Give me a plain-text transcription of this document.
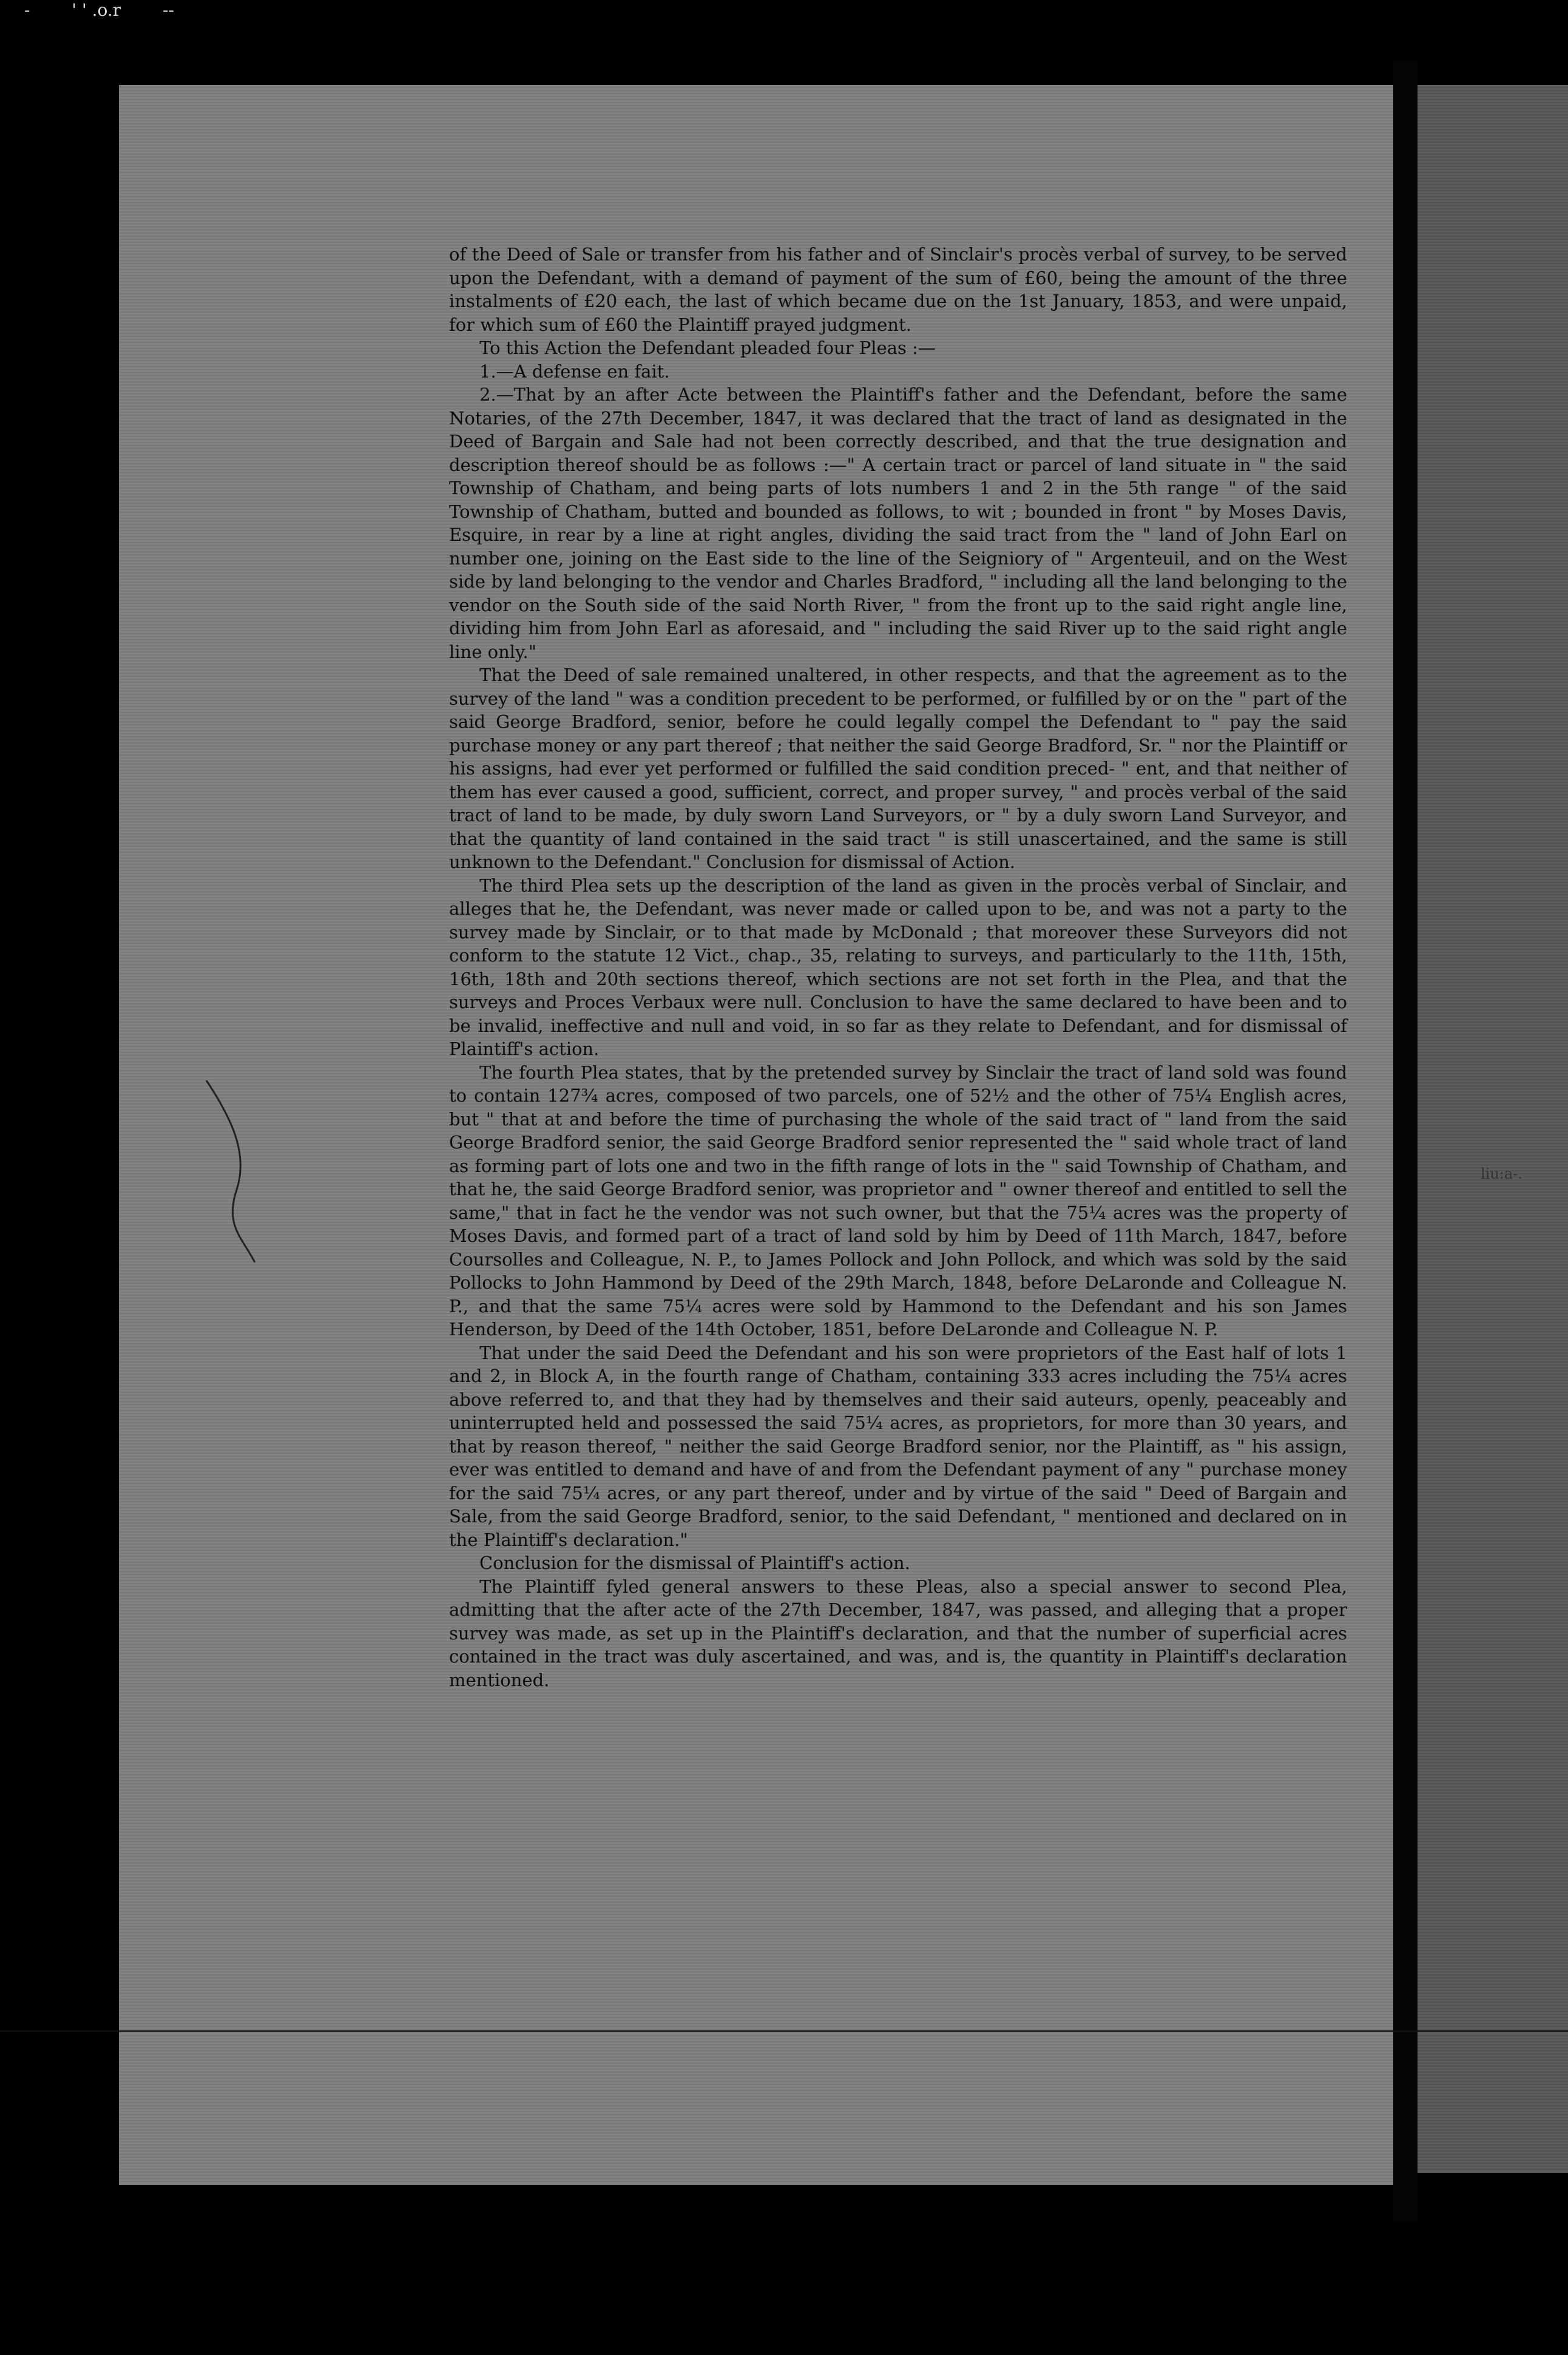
liu:a-.
- ' ' .o.r --

of the Deed of Sale or transfer from his father and of Sinclair's procès verbal of survey, to be served upon the Defendant, with a demand of payment of the sum of £60, being the amount of the three instalments of £20 each, the last of which became due on the 1st January, 1853, and were unpaid, for which sum of £60 the Plaintiff prayed judgment.

To this Action the Defendant pleaded four Pleas :—

1.—A defense en fait.

2.—That by an after Acte between the Plaintiff's father and the Defendant, before the same Notaries, of the 27th December, 1847, it was declared that the tract of land as designated in the Deed of Bargain and Sale had not been correctly described, and that the true designation and description thereof should be as follows :—" A certain tract or parcel of land situate in " the said Township of Chatham, and being parts of lots numbers 1 and 2 in the 5th range " of the said Township of Chatham, butted and bounded as follows, to wit ; bounded in front " by Moses Davis, Esquire, in rear by a line at right angles, dividing the said tract from the " land of John Earl on number one, joining on the East side to the line of the Seigniory of " Argenteuil, and on the West side by land belonging to the vendor and Charles Bradford, " including all the land belonging to the vendor on the South side of the said North River, " from the front up to the said right angle line, dividing him from John Earl as aforesaid, and " including the said River up to the said right angle line only."

That the Deed of sale remained unaltered, in other respects, and that the agreement as to the survey of the land " was a condition precedent to be performed, or fulfilled by or on the " part of the said George Bradford, senior, before he could legally compel the Defendant to " pay the said purchase money or any part thereof ; that neither the said George Bradford, Sr. " nor the Plaintiff or his assigns, had ever yet performed or fulfilled the said condition preced- " ent, and that neither of them has ever caused a good, sufficient, correct, and proper survey, " and procès verbal of the said tract of land to be made, by duly sworn Land Surveyors, or " by a duly sworn Land Surveyor, and that the quantity of land contained in the said tract " is still unascertained, and the same is still unknown to the Defendant." Conclusion for dismissal of Action.

The third Plea sets up the description of the land as given in the procès verbal of Sinclair, and alleges that he, the Defendant, was never made or called upon to be, and was not a party to the survey made by Sinclair, or to that made by McDonald ; that moreover these Surveyors did not conform to the statute 12 Vict., chap., 35, relating to surveys, and particularly to the 11th, 15th, 16th, 18th and 20th sections thereof, which sections are not set forth in the Plea, and that the surveys and Proces Verbaux were null. Conclusion to have the same declared to have been and to be invalid, ineffective and null and void, in so far as they relate to Defendant, and for dismissal of Plaintiff's action.

The fourth Plea states, that by the pretended survey by Sinclair the tract of land sold was found to contain 127¾ acres, composed of two parcels, one of 52½ and the other of 75¼ English acres, but " that at and before the time of purchasing the whole of the said tract of " land from the said George Bradford senior, the said George Bradford senior represented the " said whole tract of land as forming part of lots one and two in the fifth range of lots in the " said Township of Chatham, and that he, the said George Bradford senior, was proprietor and " owner thereof and entitled to sell the same," that in fact he the vendor was not such owner, but that the 75¼ acres was the property of Moses Davis, and formed part of a tract of land sold by him by Deed of 11th March, 1847, before Coursolles and Colleague, N. P., to James Pollock and John Pollock, and which was sold by the said Pollocks to John Hammond by Deed of the 29th March, 1848, before DeLaronde and Colleague N. P., and that the same 75¼ acres were sold by Hammond to the Defendant and his son James Henderson, by Deed of the 14th October, 1851, before DeLaronde and Colleague N. P.

That under the said Deed the Defendant and his son were proprietors of the East half of lots 1 and 2, in Block A, in the fourth range of Chatham, containing 333 acres including the 75¼ acres above referred to, and that they had by themselves and their said auteurs, openly, peaceably and uninterrupted held and possessed the said 75¼ acres, as proprietors, for more than 30 years, and that by reason thereof, " neither the said George Bradford senior, nor the Plaintiff, as " his assign, ever was entitled to demand and have of and from the Defendant payment of any " purchase money for the said 75¼ acres, or any part thereof, under and by virtue of the said " Deed of Bargain and Sale, from the said George Bradford, senior, to the said Defendant, " mentioned and declared on in the Plaintiff's declaration."

Conclusion for the dismissal of Plaintiff's action.

The Plaintiff fyled general answers to these Pleas, also a special answer to second Plea, admitting that the after acte of the 27th December, 1847, was passed, and alleging that a proper survey was made, as set up in the Plaintiff's declaration, and that the number of superficial acres contained in the tract was duly ascertained, and was, and is, the quantity in Plaintiff's declaration mentioned.
